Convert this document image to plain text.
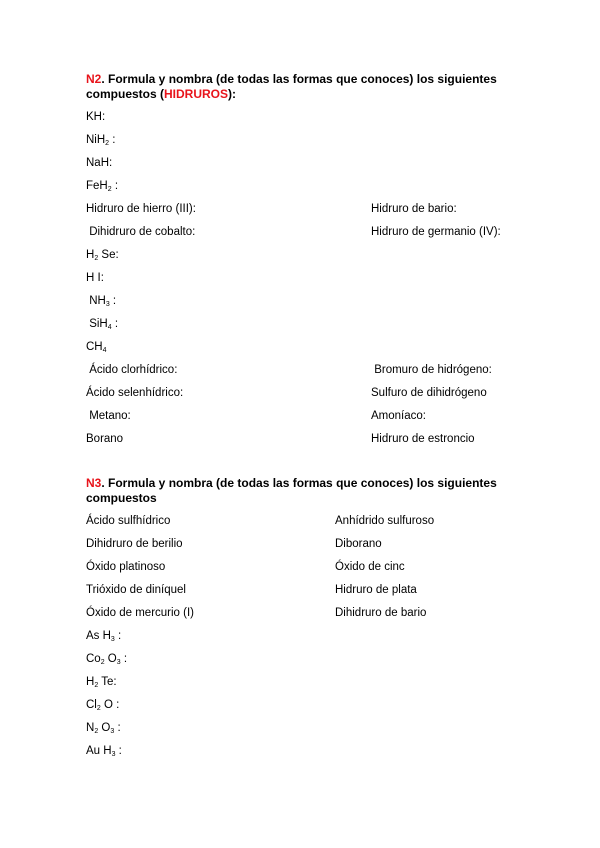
N2. Formula y nombra (de todas las formas que conoces) los siguientes
compuestos (HIDRUROS):
KH:
NiH$_2$ :
NaH:
FeH$_2$ :
Hidruro de hierro (III):	Hidruro de bario:
Dihidruro de cobalto:	Hidruro de germanio (IV):
$H_2$ Se:
H I:
$NH_3$ :
SiH$_4$ :
$CH_4$
Ácido clorhídrico:	Bromuro de hidrógeno:
Ácido selenhídrico:	Sulfuro de dihidrógeno
Metano:	Amoníaco:
Borano	Hidruro de estroncio
N3. Formula y nombra (de todas las formas que conoces) los siguientes
compuestos
Ácido sulfhídrico	Anhídrido sulfuroso
Dihidruro de berilio	Diborano
Óxido platinoso	Óxido de cinc
Trióxido de diníquel	Hidruro de plata
Óxido de mercurio (I)	Dihidruro de bario
As $H_3$ :
$Co_2$ $O_3$ :
$H_2$ Te:
$Cl_2$ O :
$N_2$ $O_3$ :
Au $H_3$ :
